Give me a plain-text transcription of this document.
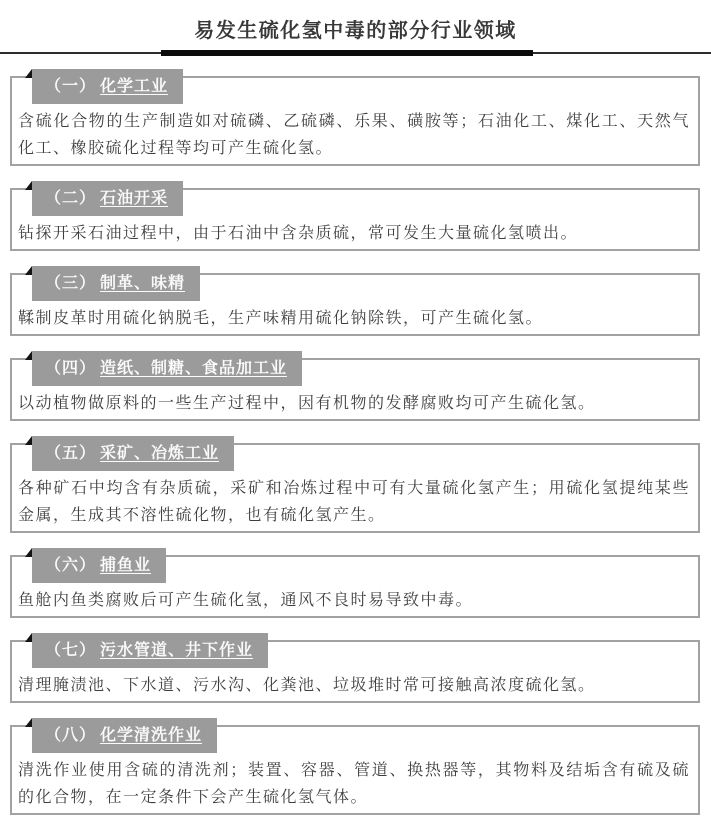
易发生硫化氢中毒的部分行业领域
（一） 化学工业

含硫化合物的生产制造如对硫磷、乙硫磷、乐果、磺胺等；石油化工、煤化工、天然气化工、橡胶硫化过程等均可产生硫化氢。

（二） 石油开采

钻探开采石油过程中，由于石油中含杂质硫，常可发生大量硫化氢喷出。

（三） 制革、味精

鞣制皮革时用硫化钠脱毛，生产味精用硫化钠除铁，可产生硫化氢。

（四） 造纸、制糖、食品加工业

以动植物做原料的一些生产过程中，因有机物的发酵腐败均可产生硫化氢。

（五） 采矿、冶炼工业

各种矿石中均含有杂质硫，采矿和冶炼过程中可有大量硫化氢产生；用硫化氢提纯某些金属，生成其不溶性硫化物，也有硫化氢产生。

（六） 捕鱼业

鱼舱内鱼类腐败后可产生硫化氢，通风不良时易导致中毒。

（七） 污水管道、井下作业

清理腌渍池、下水道、污水沟、化粪池、垃圾堆时常可接触高浓度硫化氢。

（八） 化学清洗作业

清洗作业使用含硫的清洗剂；装置、容器、管道、换热器等，其物料及结垢含有硫及硫的化合物，在一定条件下会产生硫化氢气体。
